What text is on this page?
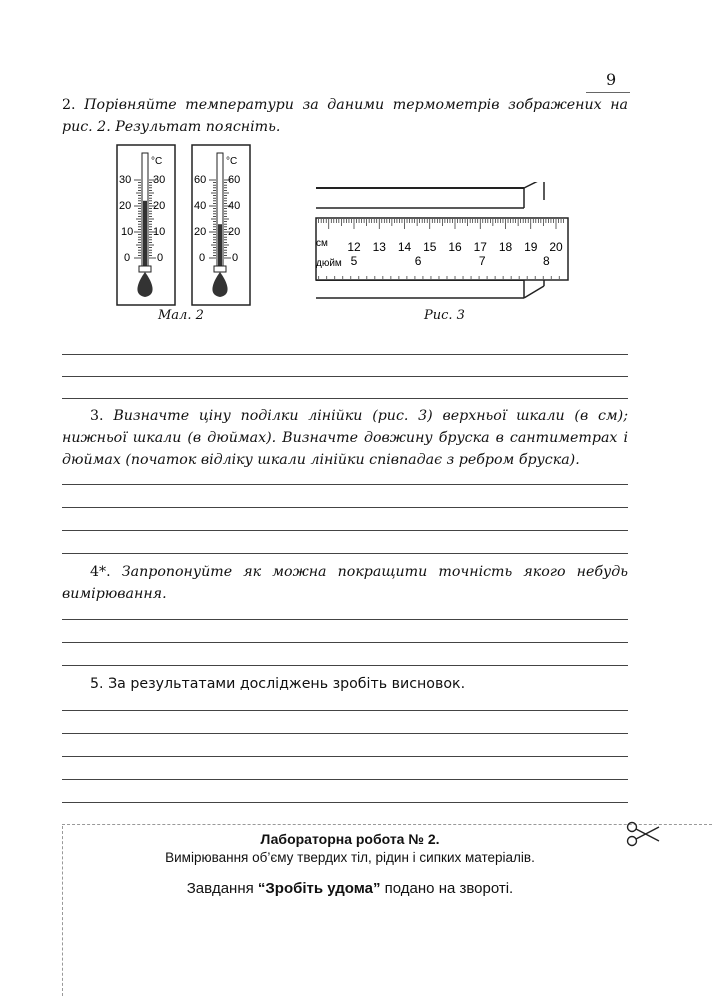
9
2. Порівняйте температури за даними термометрів зображених на рис. 2. Результат поясніть.
°C
30
20
10
0
30
20
10
0
°C
60
40
20
0
60
40
20
0
12 13 14 15 16 17 18 19 20
5	6	7	8
см
дюйм
Мал. 2	Рис. 3
3. Визначте ціну поділки лінійки (рис. 3) верхньої шкали (в см); нижньої шкали (в дюймах). Визначте довжину бруска в сантиметрах і дюймах (початок відліку шкали лінійки співпадає з ребром бруска).
4*. Запропонуйте як можна покращити точність якого небудь вимірювання.
5. За результатами досліджень зробіть висновок.
Лабораторна робота № 2.
Вимірювання об’єму твердих тіл, рідин і сипких матеріалів.
Завдання “Зробіть удома” подано на звороті.
